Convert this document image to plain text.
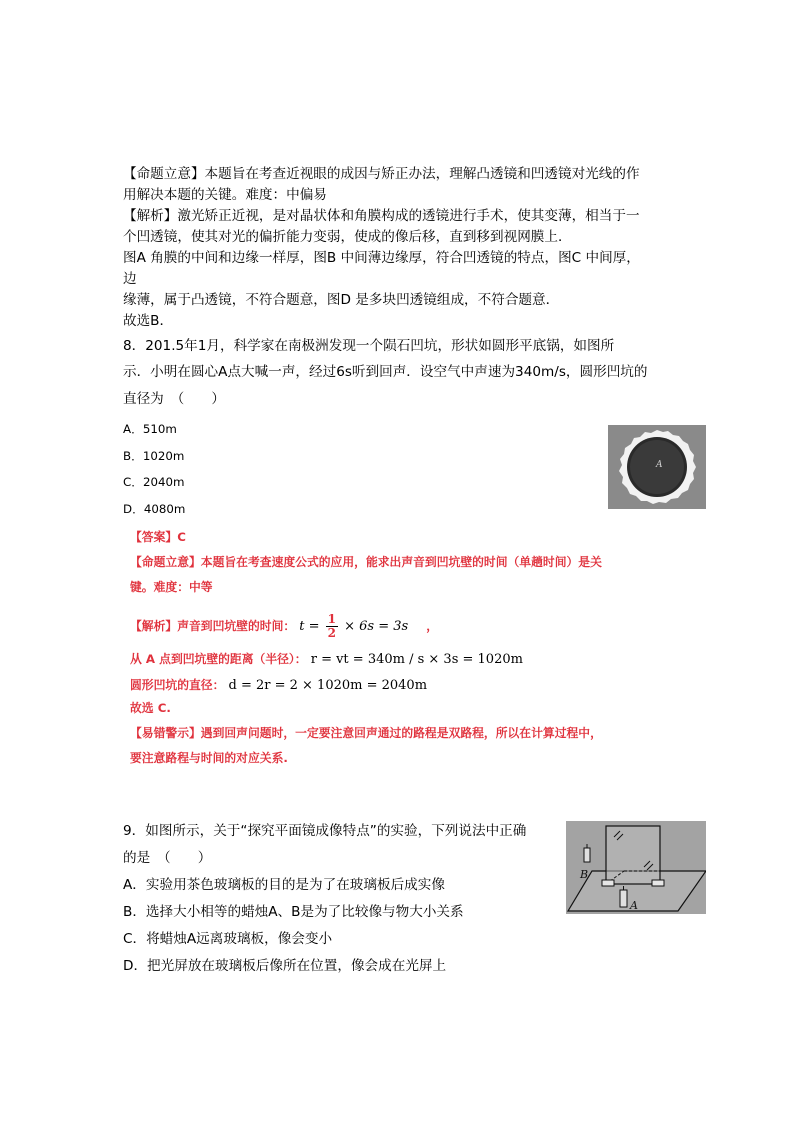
【命题立意】本题旨在考查近视眼的成因与矫正办法，理解凸透镜和凹透镜对光线的作
用解决本题的关键。难度：中偏易
【解析】激光矫正近视，是对晶状体和角膜构成的透镜进行手术，使其变薄，相当于一
个凹透镜，使其对光的偏折能力变弱，使成的像后移，直到移到视网膜上．
图A 角膜的中间和边缘一样厚，图B 中间薄边缘厚，符合凹透镜的特点，图C 中间厚，
边
缘薄，属于凸透镜，不符合题意，图D 是多块凹透镜组成，不符合题意．
故选B．
8．201.5年1月，科学家在南极洲发现一个陨石凹坑，形状如圆形平底锅，如图所
示．小明在圆心A点大喊一声，经过6s听到回声．设空气中声速为340m/s，圆形凹坑的
直径为　（　　）
A．510m
B．1020m
C．2040m
D．4080m
A
【答案】C
【命题立意】本题旨在考查速度公式的应用，能求出声音到凹坑壁的时间（单趟时间）是关
键。难度：中等
【解析】声音到凹坑壁的时间： $t = \frac{1}{2} \times 6s = 3s$ ，
从 A 点到凹坑壁的距离（半径）： r = vt = 340m / s × 3s = 1020m
圆形凹坑的直径： d = 2r = 2 × 1020m = 2040m
故选 C.
【易错警示】遇到回声问题时，一定要注意回声通过的路程是双路程，所以在计算过程中，
要注意路程与时间的对应关系.
9．如图所示，关于“探究平面镜成像特点”的实验，下列说法中正确
的是　（　　）
A．实验用茶色玻璃板的目的是为了在玻璃板后成实像
B．选择大小相等的蜡烛A、B是为了比较像与物大小关系
C．将蜡烛A远离玻璃板，像会变小
D．把光屏放在玻璃板后像所在位置，像会成在光屏上
B
A
